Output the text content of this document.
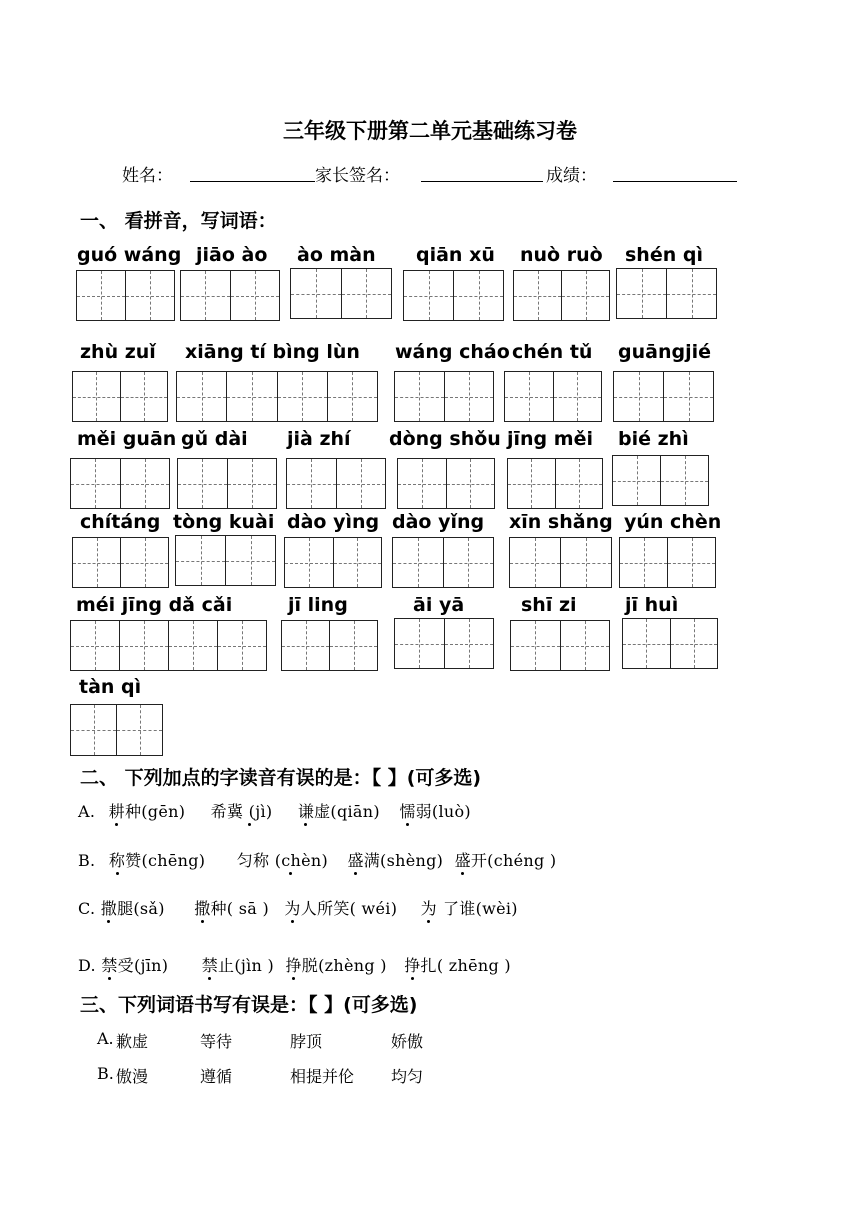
三年级下册第二单元基础练习卷
姓名：	家长签名：	成绩：
一、 看拼音，写词语：
guó wáng jiāo ào ào màn qiān xū nuò ruò shén qì
zhù zuǐ xiāng tí bìng lùn wáng cháo chén tǔ guāngjié
měi guān gǔ dài jià zhí dòng shǒu jīng měi bié zhì
chítáng tòng kuài dào yìng dào yǐng xīn shǎng yún chèn
méi jīng dǎ cǎi	jī ling	āi yā	shī zi	jī huì
tàn qì
二、 下列加点的字读音有误的是：【 】(可多选)
A. 耕种(gēn) 希冀 (jì) 谦虚(qiān) 懦弱(luò)
B. 称赞(chēng) 匀称 (chèn) 盛满(shèng) 盛开(chéng )
C. 撒腿(sǎ) 撒种( sā ) 为人所笑( wéi) 为 了谁(wèi)
D. 禁受(jīn) 禁止(jìn ) 挣脱(zhèng ) 挣扎( zhēng )
三、下列词语书写有误是：【 】(可多选)
A. 歉虚	等待	脖顶	娇傲
B. 傲漫	遵循	相提并伦 均匀
